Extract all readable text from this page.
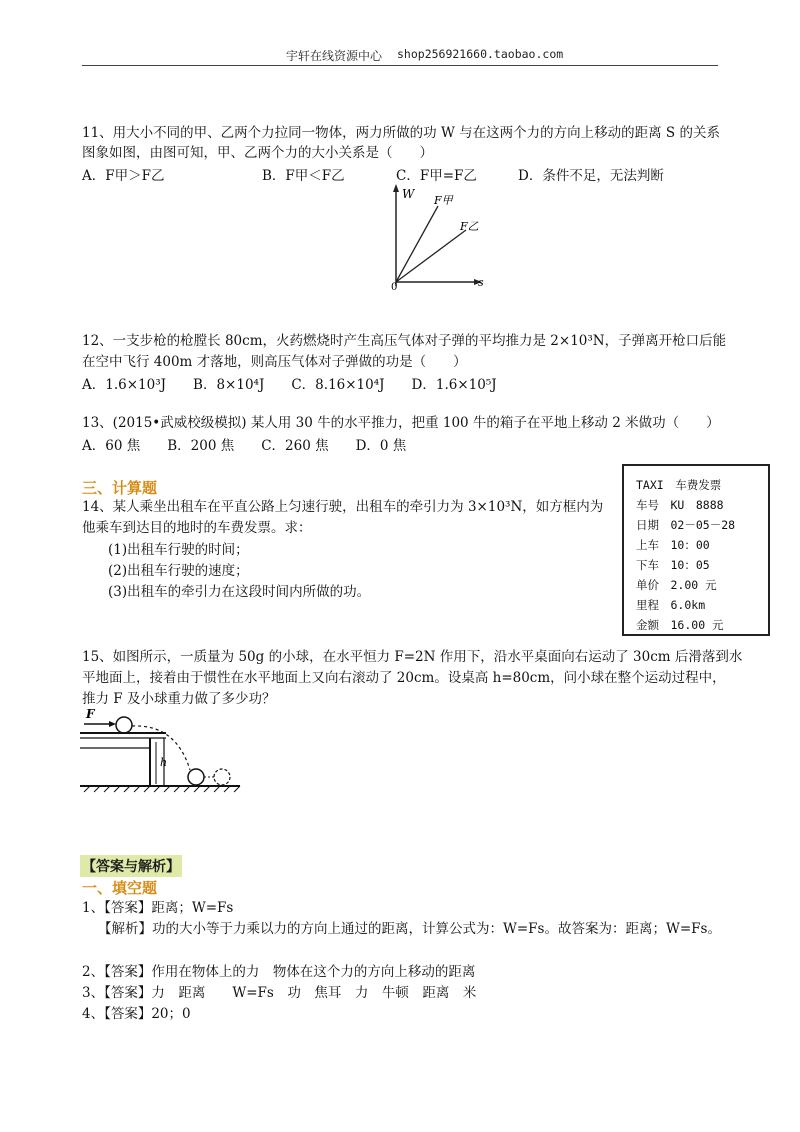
宇轩在线资源中心 shop256921660.taobao.com
11、用大小不同的甲、乙两个力拉同一物体，两力所做的功 W 与在这两个力的方向上移动的距离 S 的关系
图象如图，由图可知，甲、乙两个力的大小关系是（　　）
A．F甲＞F乙	B．F甲＜F乙	C．F甲=F乙	D．条件不足，无法判断
W
s
0
F甲
F乙
12、一支步枪的枪膛长 80cm，火药燃烧时产生高压气体对子弹的平均推力是 2×10³N，子弹离开枪口后能
在空中飞行 400m 才落地，则高压气体对子弹做的功是（　　）
A．1.6×10³J　　B．8×10⁴J　　C．8.16×10⁴J　　D．1.6×10⁵J
13、(2015•武威校级模拟) 某人用 30 牛的水平推力，把重 100 牛的箱子在平地上移动 2 米做功（　　）
A．60 焦　　B．200 焦　　C．260 焦　　D．0 焦
三、计算题
14、某人乘坐出租车在平直公路上匀速行驶，出租车的牵引力为 3×10³N，如方框内为
他乘车到达目的地时的车费发票。求：
(1)出租车行驶的时间；
(2)出租车行驶的速度；
(3)出租车的牵引力在这段时间内所做的功。
TAXI　 车费发票
车号　 KU　8888
日期　 02－05－28
上车　 10：00
下车　 10：05
单价　 2.00 元
里程　 6.0km
金额　 16.00 元
15、如图所示，一质量为 50g 的小球，在水平恒力 F=2N 作用下，沿水平桌面向右运动了 30cm 后滑落到水
平地面上，接着由于惯性在水平地面上又向右滚动了 20cm。设桌高 h=80cm，问小球在整个运动过程中，
推力 F 及小球重力做了多少功？
F
h
【答案与解析】
一、填空题
1、【答案】距离；W=Fs
【解析】功的大小等于力乘以力的方向上通过的距离，计算公式为：W=Fs。故答案为：距离；W=Fs。
2、【答案】作用在物体上的力　物体在这个力的方向上移动的距离
3、【答案】力　距离　　W=Fs　功　焦耳　力　牛顿　距离　米
4、【答案】20；0
